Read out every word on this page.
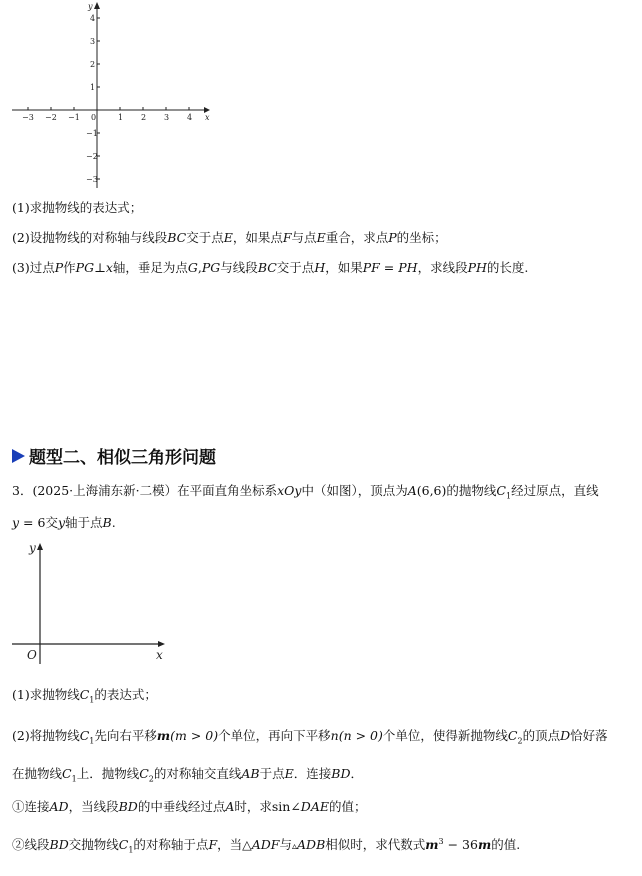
−3 −2 −1	1 2 3 4
4
3
2
1
−1
−2
−3
0	x
y
(1)求抛物线的表达式；
(2)设抛物线的对称轴与线段BC交于点E，如果点F与点E重合，求点P的坐标；
(3)过点P作PG⊥x轴，垂足为点G,PG与线段BC交于点H，如果PF = PH，求线段PH的长度.
题型二、相似三角形问题
3．(2025·上海浦东新·二模）在平面直角坐标系xOy中（如图），顶点为A(6,6)的抛物线$C_1$经过原点，直线
y = 6交y轴于点B.
y
x
O
(1)求抛物线$C_1$的表达式；
(2)将抛物线$C_1$先向右平移m(m > 0)个单位，再向下平移n(n > 0)个单位，使得新抛物线$C_2$的顶点D恰好落
在抛物线$C_1$上．抛物线$C_2$的对称轴交直线AB于点E．连接BD．
①连接AD，当线段BD的中垂线经过点A时，求sin∠DAE的值；
②线段BD交抛物线$C_1$的对称轴于点F，当△ADF与▵ADB相似时，求代数式$m^3 - 36m$的值.
